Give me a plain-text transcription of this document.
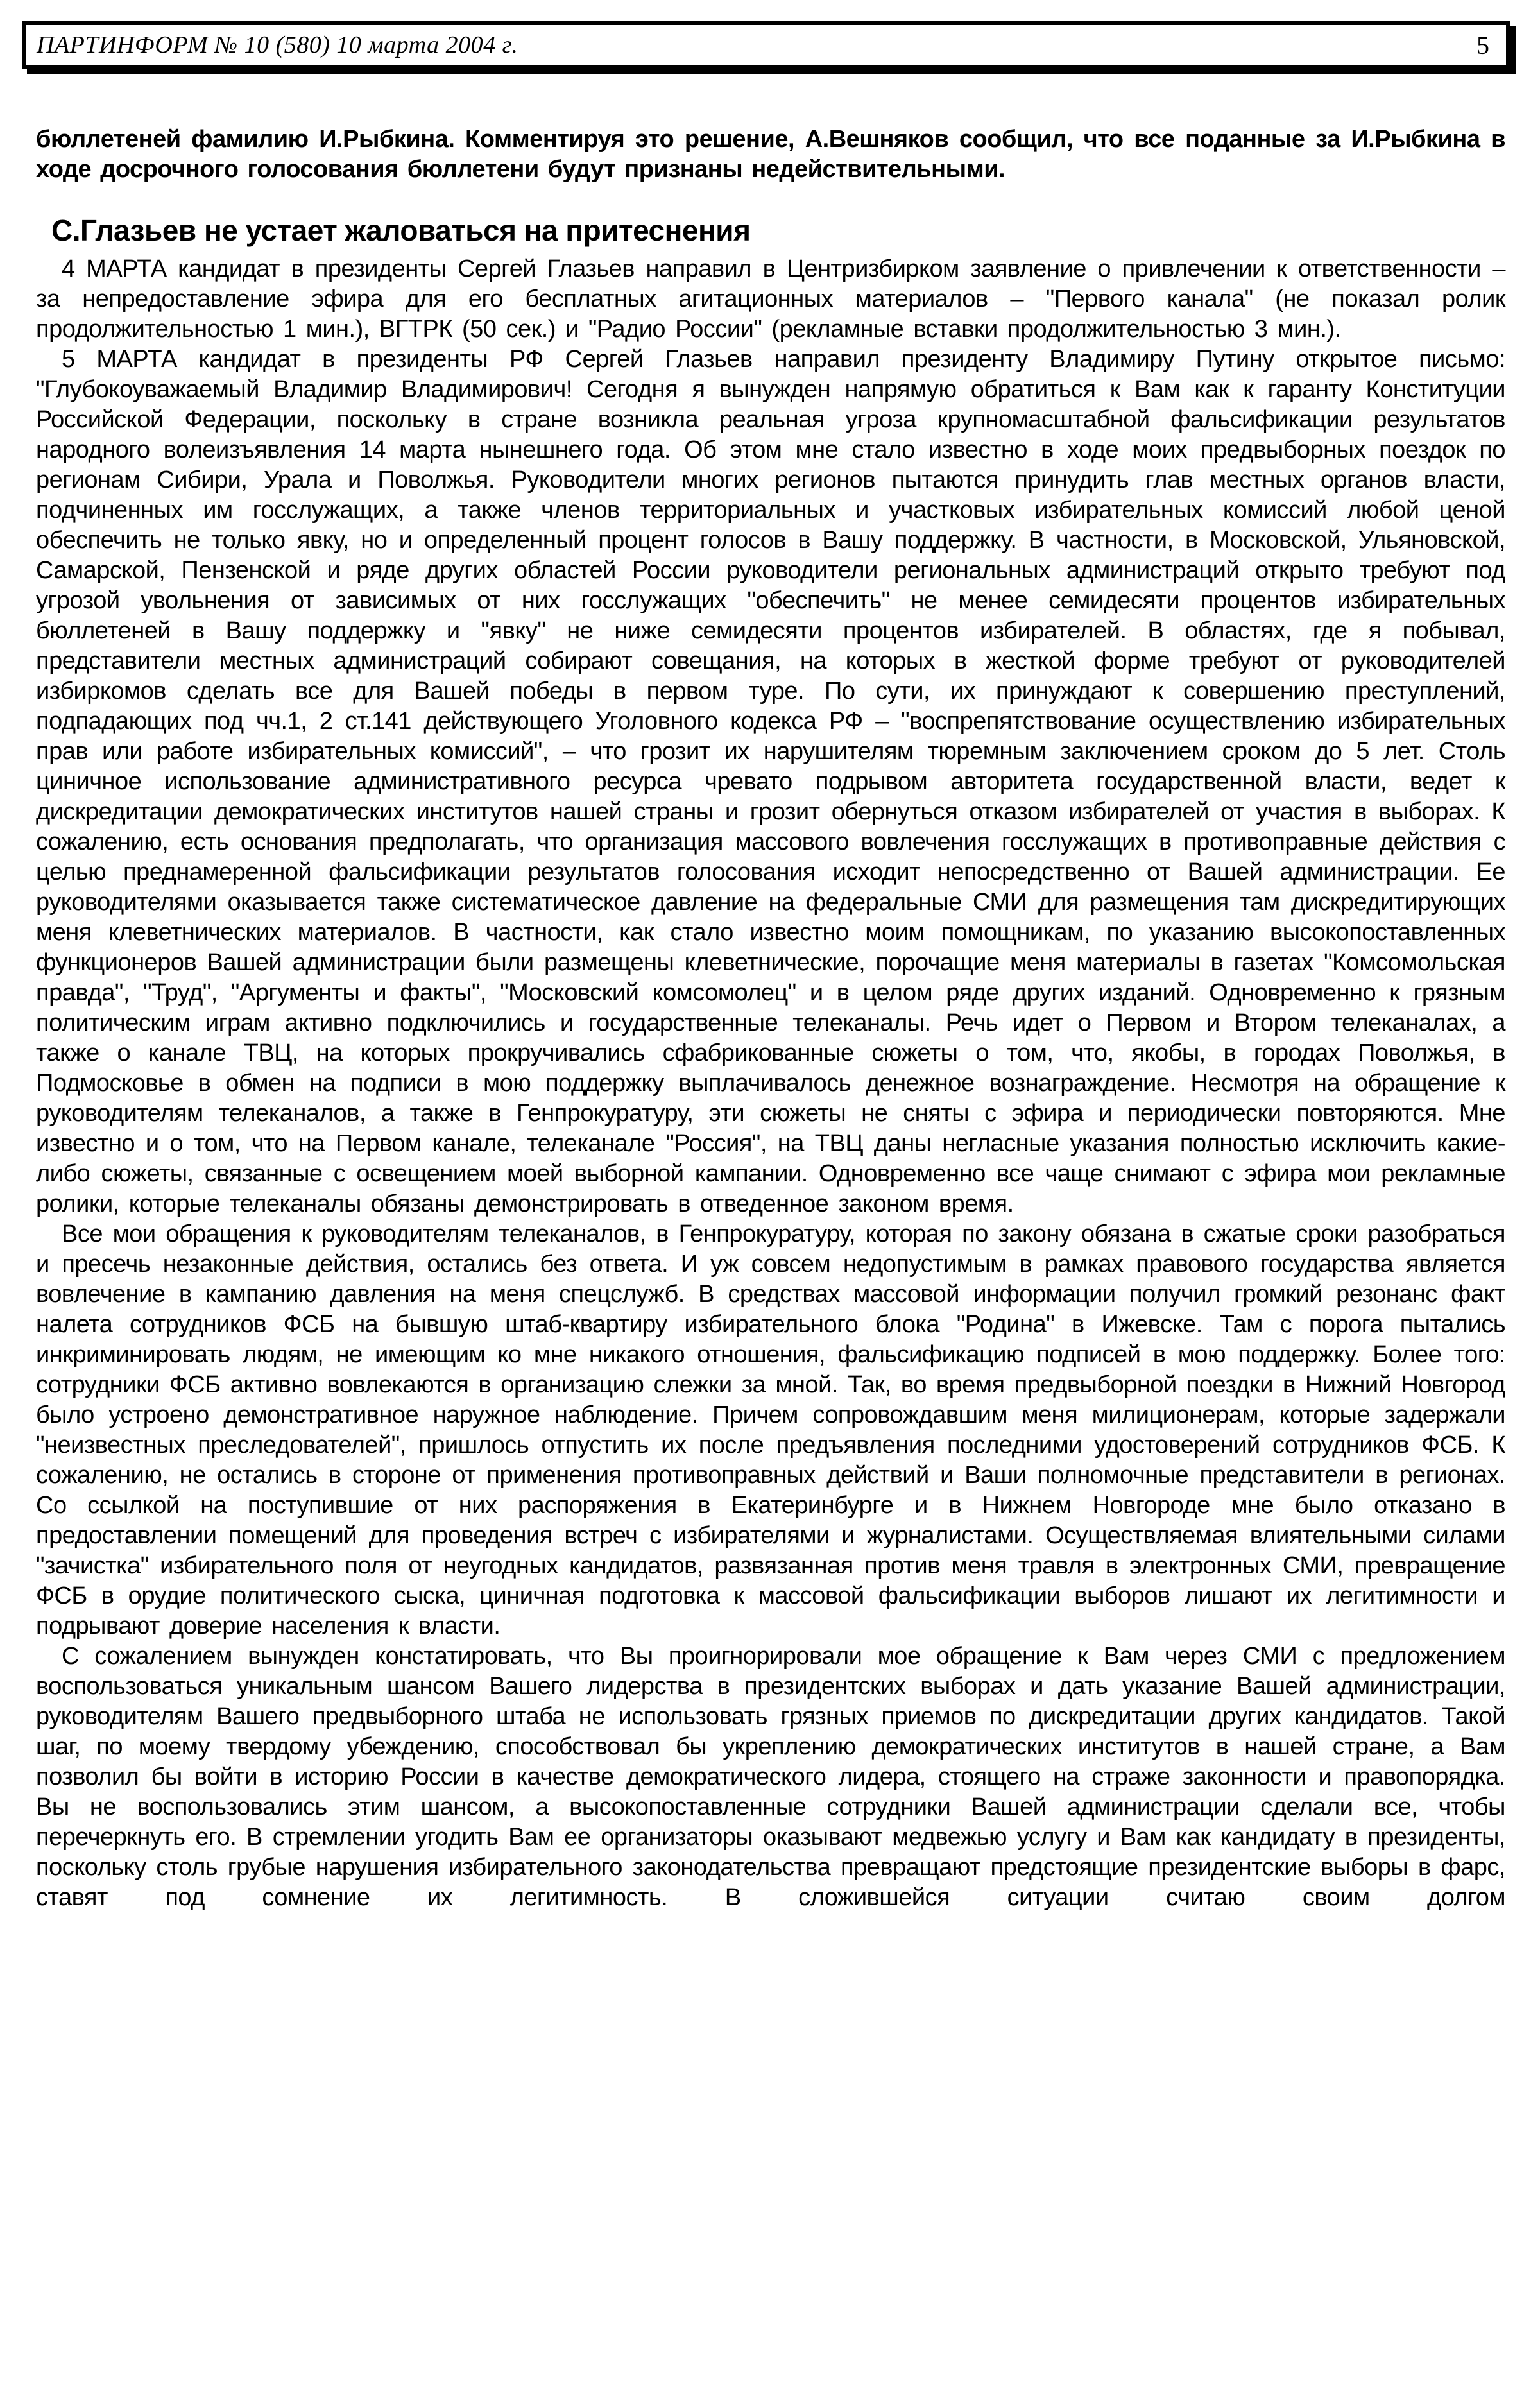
ПАРТИНФОРМ № 10 (580) 10 марта 2004 г.	5

бюллетеней фамилию И.Рыбкина. Комментируя это решение, А.Вешняков сообщил, что все поданные за И.Рыбкина в ходе досрочного голосования бюллетени будут признаны недействительными.

С.Глазьев не устает жаловаться на притеснения

4 МАРТА кандидат в президенты Сергей Глазьев направил в Центризбирком заявление о привлечении к ответственности – за непредоставление эфира для его бесплатных агитационных материалов – "Первого канала" (не показал ролик продолжительностью 1 мин.), ВГТРК (50 сек.) и "Радио России" (рекламные вставки продолжительностью 3 мин.).

5 МАРТА кандидат в президенты РФ Сергей Глазьев направил президенту Владимиру Путину открытое письмо: "Глубокоуважаемый Владимир Владимирович! Сегодня я вынужден напрямую обратиться к Вам как к гаранту Конституции Российской Федерации, поскольку в стране возникла реальная угроза крупномасштабной фальсификации результатов народного волеизъявления 14 марта нынешнего года. Об этом мне стало известно в ходе моих предвыборных поездок по регионам Сибири, Урала и Поволжья. Руководители многих регионов пытаются принудить глав местных органов власти, подчиненных им госслужащих, а также членов территориальных и участковых избирательных комиссий любой ценой обеспечить не только явку, но и определенный процент голосов в Вашу поддержку. В частности, в Московской, Ульяновской, Самарской, Пензенской и ряде других областей России руководители региональных администраций открыто требуют под угрозой увольнения от зависимых от них госслужащих "обеспечить" не менее семидесяти процентов избирательных бюллетеней в Вашу поддержку и "явку" не ниже семидесяти процентов избирателей. В областях, где я побывал, представители местных администраций собирают совещания, на которых в жесткой форме требуют от руководителей избиркомов сделать все для Вашей победы в первом туре. По сути, их принуждают к совершению преступлений, подпадающих под чч.1, 2 ст.141 действующего Уголовного кодекса РФ – "воспрепятствование осуществлению избирательных прав или работе избирательных комиссий", – что грозит их нарушителям тюремным заключением сроком до 5 лет. Столь циничное использование административного ресурса чревато подрывом авторитета государственной власти, ведет к дискредитации демократических институтов нашей страны и грозит обернуться отказом избирателей от участия в выборах. К сожалению, есть основания предполагать, что организация массового вовлечения госслужащих в противоправные действия с целью преднамеренной фальсификации результатов голосования исходит непосредственно от Вашей администрации. Ее руководителями оказывается также систематическое давление на федеральные СМИ для размещения там дискредитирующих меня клеветнических материалов. В частности, как стало известно моим помощникам, по указанию высокопоставленных функционеров Вашей администрации были размещены клеветнические, порочащие меня материалы в газетах "Комсомольская правда", "Труд", "Аргументы и факты", "Московский комсомолец" и в целом ряде других изданий. Одновременно к грязным политическим играм активно подключились и государственные телеканалы. Речь идет о Первом и Втором телеканалах, а также о канале ТВЦ, на которых прокручивались сфабрикованные сюжеты о том, что, якобы, в городах Поволжья, в Подмосковье в обмен на подписи в мою поддержку выплачивалось денежное вознаграждение. Несмотря на обращение к руководителям телеканалов, а также в Генпрокуратуру, эти сюжеты не сняты с эфира и периодически повторяются. Мне известно и о том, что на Первом канале, телеканале "Россия", на ТВЦ даны негласные указания полностью исключить какие-либо сюжеты, связанные с освещением моей выборной кампании. Одновременно все чаще снимают с эфира мои рекламные ролики, которые телеканалы обязаны демонстрировать в отведенное законом время.

Все мои обращения к руководителям телеканалов, в Генпрокуратуру, которая по закону обязана в сжатые сроки разобраться и пресечь незаконные действия, остались без ответа. И уж совсем недопустимым в рамках правового государства является вовлечение в кампанию давления на меня спецслужб. В средствах массовой информации получил громкий резонанс факт налета сотрудников ФСБ на бывшую штаб-квартиру избирательного блока "Родина" в Ижевске. Там с порога пытались инкриминировать людям, не имеющим ко мне никакого отношения, фальсификацию подписей в мою поддержку. Более того: сотрудники ФСБ активно вовлекаются в организацию слежки за мной. Так, во время предвыборной поездки в Нижний Новгород было устроено демонстративное наружное наблюдение. Причем сопровождавшим меня милиционерам, которые задержали "неизвестных преследователей", пришлось отпустить их после предъявления последними удостоверений сотрудников ФСБ. К сожалению, не остались в стороне от применения противоправных действий и Ваши полномочные представители в регионах. Со ссылкой на поступившие от них распоряжения в Екатеринбурге и в Нижнем Новгороде мне было отказано в предоставлении помещений для проведения встреч с избирателями и журналистами. Осуществляемая влиятельными силами "зачистка" избирательного поля от неугодных кандидатов, развязанная против меня травля в электронных СМИ, превращение ФСБ в орудие политического сыска, циничная подготовка к массовой фальсификации выборов лишают их легитимности и подрывают доверие населения к власти.

С сожалением вынужден констатировать, что Вы проигнорировали мое обращение к Вам через СМИ с предложением воспользоваться уникальным шансом Вашего лидерства в президентских выборах и дать указание Вашей администрации, руководителям Вашего предвыборного штаба не использовать грязных приемов по дискредитации других кандидатов. Такой шаг, по моему твердому убеждению, способствовал бы укреплению демократических институтов в нашей стране, а Вам позволил бы войти в историю России в качестве демократического лидера, стоящего на страже законности и правопорядка. Вы не воспользовались этим шансом, а высокопоставленные сотрудники Вашей администрации сделали все, чтобы перечеркнуть его. В стремлении угодить Вам ее организаторы оказывают медвежью услугу и Вам как кандидату в президенты, поскольку столь грубые нарушения избирательного законодательства превращают предстоящие президентские выборы в фарс, ставят под сомнение их легитимность. В сложившейся ситуации считаю своим долгом
